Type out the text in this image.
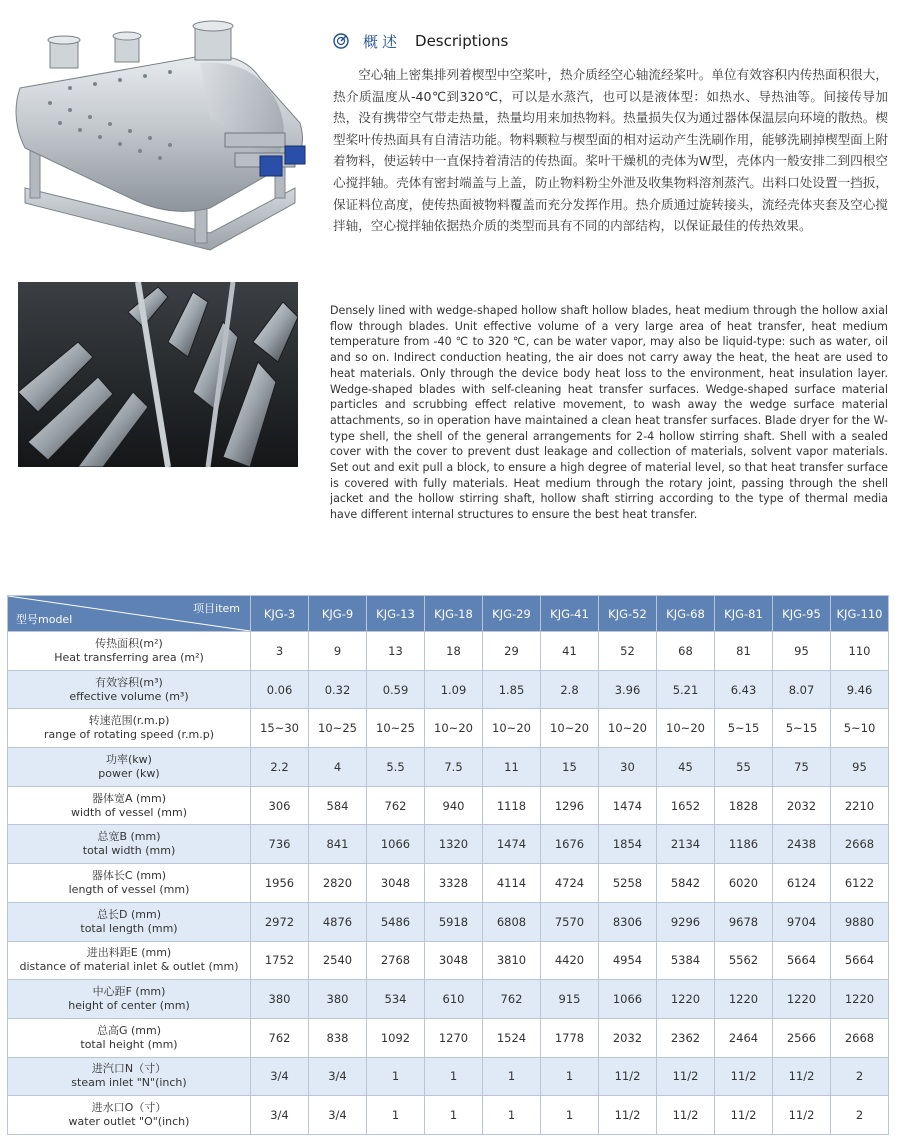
概述 Descriptions

空心轴上密集排列着楔型中空桨叶，热介质经空心轴流经桨叶。单位有效容积内传热面积很大，热介质温度从-40℃到320℃，可以是水蒸汽，也可以是液体型：如热水、导热油等。间接传导加热，没有携带空气带走热量，热量均用来加热物料。热量损失仅为通过器体保温层向环境的散热。楔型桨叶传热面具有自清洁功能。物料颗粒与楔型面的相对运动产生洗刷作用，能够洗刷掉楔型面上附着物料，使运转中一直保持着清洁的传热面。桨叶干燥机的壳体为W型，壳体内一般安排二到四根空心搅拌轴。壳体有密封端盖与上盖，防止物料粉尘外泄及收集物料溶剂蒸汽。出料口处设置一挡扳，保证料位高度，使传热面被物料覆盖而充分发挥作用。热介质通过旋转接头，流经壳体夹套及空心搅拌轴，空心搅拌轴依据热介质的类型而具有不同的内部结构，以保证最佳的传热效果。

Densely lined with wedge-shaped hollow shaft hollow blades, heat medium through the hollow axial flow through blades. Unit effective volume of a very large area of heat transfer, heat medium temperature from -40 ℃ to 320 ℃, can be water vapor, may also be liquid-type: such as water, oil and so on. Indirect conduction heating, the air does not carry away the heat, the heat are used to heat materials. Only through the device body heat loss to the environment, heat insulation layer. Wedge-shaped blades with self-cleaning heat transfer surfaces. Wedge-shaped surface material particles and scrubbing effect relative movement, to wash away the wedge surface material attachments, so in operation have maintained a clean heat transfer surfaces. Blade dryer for the W-type shell, the shell of the general arrangements for 2-4 hollow stirring shaft. Shell with a sealed cover with the cover to prevent dust leakage and collection of materials, solvent vapor materials. Set out and exit pull a block, to ensure a high degree of material level, so that heat transfer surface is covered with fully materials. Heat medium through the rotary joint, passing through the shell jacket and the hollow stirring shaft, hollow shaft stirring according to the type of thermal media have different internal structures to ensure the best heat transfer.

项目item
型号model	KJG-3	KJG-9	KJG-13	KJG-18	KJG-29	KJG-41	KJG-52	KJG-68	KJG-81	KJG-95	KJG-110

传热面积(m²)
Heat transferring area (m²)	3	9	13	18	29	41	52	68	81	95	110

有效容积(m³)
effective volume (m³)	0.06	0.32	0.59	1.09	1.85	2.8	3.96	5.21	6.43	8.07	9.46

转速范围(r.m.p)
range of rotating speed (r.m.p)	15~30	10~25	10~25	10~20	10~20	10~20	10~20	10~20	5~15	5~15	5~10

功率(kw)
power (kw)	2.2	4	5.5	7.5	11	15	30	45	55	75	95

器体宽A (mm)
width of vessel (mm)	306	584	762	940	1118	1296	1474	1652	1828	2032	2210

总宽B (mm)
total width (mm)	736	841	1066	1320	1474	1676	1854	2134	1186	2438	2668

器体长C (mm)
length of vessel (mm)	1956	2820	3048	3328	4114	4724	5258	5842	6020	6124	6122

总长D (mm)
total length (mm)	2972	4876	5486	5918	6808	7570	8306	9296	9678	9704	9880

进出料距E (mm)
distance of material inlet & outlet (mm)	1752	2540	2768	3048	3810	4420	4954	5384	5562	5664	5664

中心距F (mm)
height of center (mm)	380	380	534	610	762	915	1066	1220	1220	1220	1220

总高G (mm)
total height (mm)	762	838	1092	1270	1524	1778	2032	2362	2464	2566	2668

进汽口N（寸）
steam inlet "N"(inch)	3/4	3/4	1	1	1	1	11/2	11/2	11/2	11/2	2

进水口O（寸）
water outlet "O"(inch)	3/4	3/4	1	1	1	1	11/2	11/2	11/2	11/2	2
